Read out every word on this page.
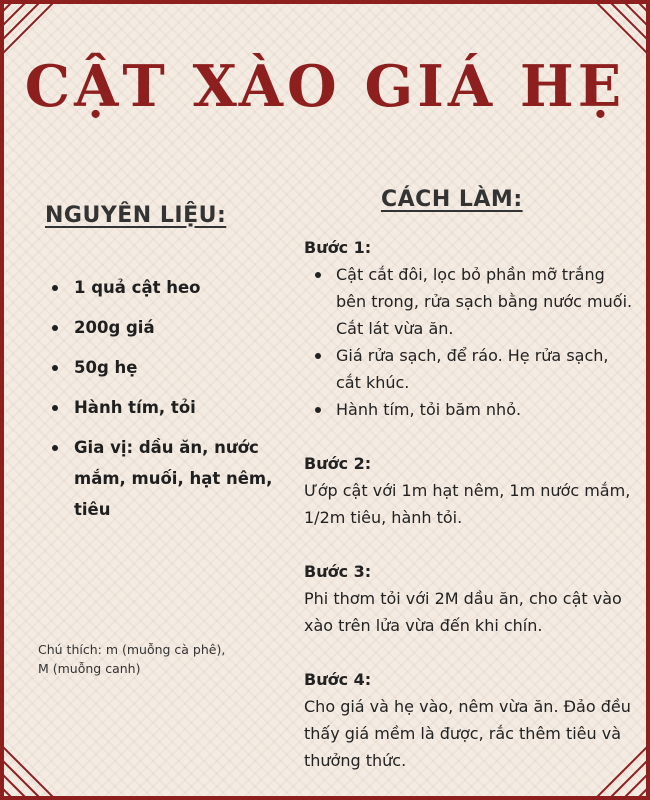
CẬT XÀO GIÁ HẸ
NGUYÊN LIỆU:
1 quả cật heo
200g giá
50g hẹ
Hành tím, tỏi
Gia vị: dầu ăn, nước mắm, muối, hạt nêm, tiêu

Chú thích: m (muỗng cà phê), M (muỗng canh)

CÁCH LÀM:
Bước 1:
Cật cắt đôi, lọc bỏ phần mỡ trắng bên trong, rửa sạch bằng nước muối. Cắt lát vừa ăn.
Giá rửa sạch, để ráo. Hẹ rửa sạch, cắt khúc.
Hành tím, tỏi băm nhỏ.
Bước 2:
Ướp cật với 1m hạt nêm, 1m nước mắm, 1/2m tiêu, hành tỏi.
Bước 3:
Phi thơm tỏi với 2M dầu ăn, cho cật vào xào trên lửa vừa đến khi chín.
Bước 4:
Cho giá và hẹ vào, nêm vừa ăn. Đảo đều thấy giá mềm là được, rắc thêm tiêu và thưởng thức.
